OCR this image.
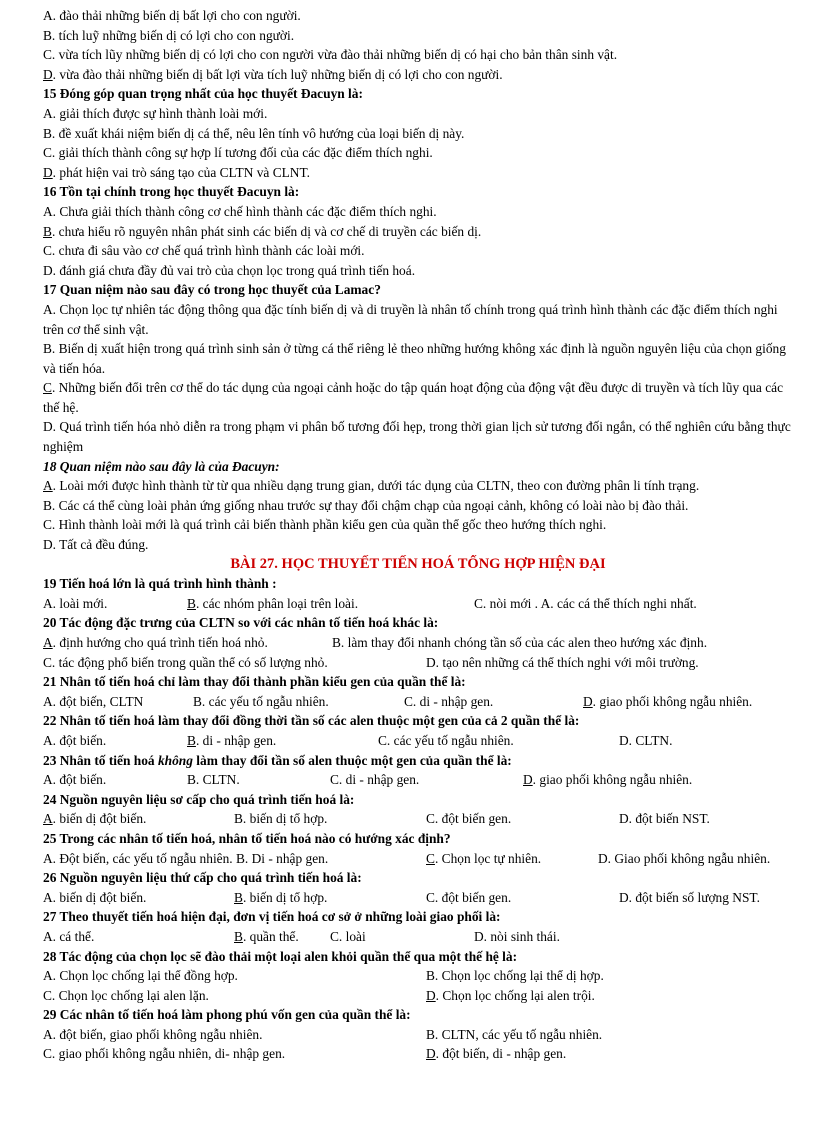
A. đào thải những biến dị bất lợi cho con người.
B. tích luỹ những biến dị có lợi cho con người.
C. vừa tích lũy những biến dị có lợi cho con người vừa đào thải những biến dị có hại cho bản thân sinh vật.
D. vừa đào thải những biến dị bất lợi vừa tích luỹ những biến dị có lợi cho con người.
15 Đóng góp quan trọng nhất của học thuyết Đacuyn là:
A. giải thích được sự hình thành loài mới.
B. đề xuất khái niệm biến dị cá thể, nêu lên tính vô hướng của loại biến dị này.
C. giải thích thành công sự hợp lí tương đối của các đặc điểm thích nghi.
D. phát hiện vai trò sáng tạo của CLTN và CLNT.
16 Tồn tại chính trong học thuyết Đacuyn là:
A. Chưa giải thích thành công cơ chế hình thành các đặc điểm thích nghi.
B. chưa hiểu rõ nguyên nhân phát sinh các biến dị và cơ chế di truyền các biến dị.
C. chưa đi sâu vào cơ chế quá trình hình thành các loài mới.
D. đánh giá chưa đầy đủ vai trò của chọn lọc trong quá trình tiến hoá.
17 Quan niệm nào sau đây có trong học thuyết của Lamac?
A. Chọn lọc tự nhiên tác động thông qua đặc tính biến dị và di truyền là nhân tố chính trong quá trình hình thành các đặc điểm thích nghi trên cơ thể sinh vật.
B. Biến dị xuất hiện trong quá trình sinh sản ở từng cá thể riêng lẻ theo những hướng không xác định là nguồn nguyên liệu của chọn giống và tiến hóa.
C. Những biến đổi trên cơ thể do tác dụng của ngoại cảnh hoặc do tập quán hoạt động của động vật đều được di truyền và tích lũy qua các thế hệ.
D. Quá trình tiến hóa nhỏ diễn ra trong phạm vi phân bố tương đối hẹp, trong thời gian lịch sử tương đối ngắn, có thể nghiên cứu bằng thực nghiệm
18 Quan niệm nào sau đây là của Đacuyn:
A. Loài mới được hình thành từ từ qua nhiều dạng trung gian, dưới tác dụng của CLTN, theo con đường phân li tính trạng.
B. Các cá thể cùng loài phản ứng giống nhau trước sự thay đổi chậm chạp của ngoại cảnh, không có loài nào bị đào thải.
C. Hình thành loài mới là quá trình cải biến thành phần kiểu gen của quần thể gốc theo hướng thích nghi.
D. Tất cả đều đúng.
BÀI 27. HỌC THUYẾT TIẾN HOÁ TỔNG HỢP HIỆN ĐẠI
19 Tiến hoá lớn là quá trình hình thành :
A. loài mới.	B. các nhóm phân loại trên loài.	C. nòi mới . A. các cá thể thích nghi nhất.
20 Tác động đặc trưng của CLTN so với các nhân tố tiến hoá khác là:
A. định hướng cho quá trình tiến hoá nhỏ.	B. làm thay đổi nhanh chóng tần số của các alen theo hướng xác định.
C. tác động phổ biến trong quần thể có số lượng nhỏ.	D. tạo nên những cá thể thích nghi với môi trường.
21 Nhân tố tiến hoá chỉ làm thay đổi thành phần kiểu gen của quần thể là:
A. đột biến, CLTN	B. các yếu tố ngẫu nhiên.	C. di - nhập gen.	D. giao phối không ngẫu nhiên.
22 Nhân tố tiến hoá làm thay đổi đồng thời tần số các alen thuộc một gen của cả 2 quần thể là:
A. đột biến.	B. di - nhập gen.	C. các yếu tố ngẫu nhiên.	D. CLTN.
23 Nhân tố tiến hoá không làm thay đổi tần số alen thuộc một gen của quần thể là:
A. đột biến.	B. CLTN.	C. di - nhập gen.	D. giao phối không ngẫu nhiên.
24 Nguồn nguyên liệu sơ cấp cho quá trình tiến hoá là:
A. biến dị đột biến.	B. biến dị tổ hợp.	C. đột biến gen.	D. đột biến NST.
25 Trong các nhân tố tiến hoá, nhân tố tiến hoá nào có hướng xác định?
A. Đột biến, các yếu tố ngẫu nhiên. B. Di - nhập gen.	C. Chọn lọc tự nhiên.	D. Giao phối không ngẫu nhiên.
26 Nguồn nguyên liệu thứ cấp cho quá trình tiến hoá là:
A. biến dị đột biến.	B. biến dị tổ hợp.	C. đột biến gen.	D. đột biến số lượng NST.
27 Theo thuyết tiến hoá hiện đại, đơn vị tiến hoá cơ sở ở những loài giao phối là:
A. cá thể.	B. quần thể.	C. loài	D. nòi sinh thái.
28 Tác động của chọn lọc sẽ đào thải một loại alen khỏi quần thể qua một thế hệ là:
A. Chọn lọc chống lại thể đồng hợp.	B. Chọn lọc chống lại thể dị hợp.
C. Chọn lọc chống lại alen lặn.	D. Chọn lọc chống lại alen trội.
29 Các nhân tố tiến hoá làm phong phú vốn gen của quần thể là:
A. đột biến, giao phối không ngẫu nhiên.	B. CLTN, các yếu tố ngẫu nhiên.
C. giao phối không ngẫu nhiên, di- nhập gen.	D. đột biến, di - nhập gen.
